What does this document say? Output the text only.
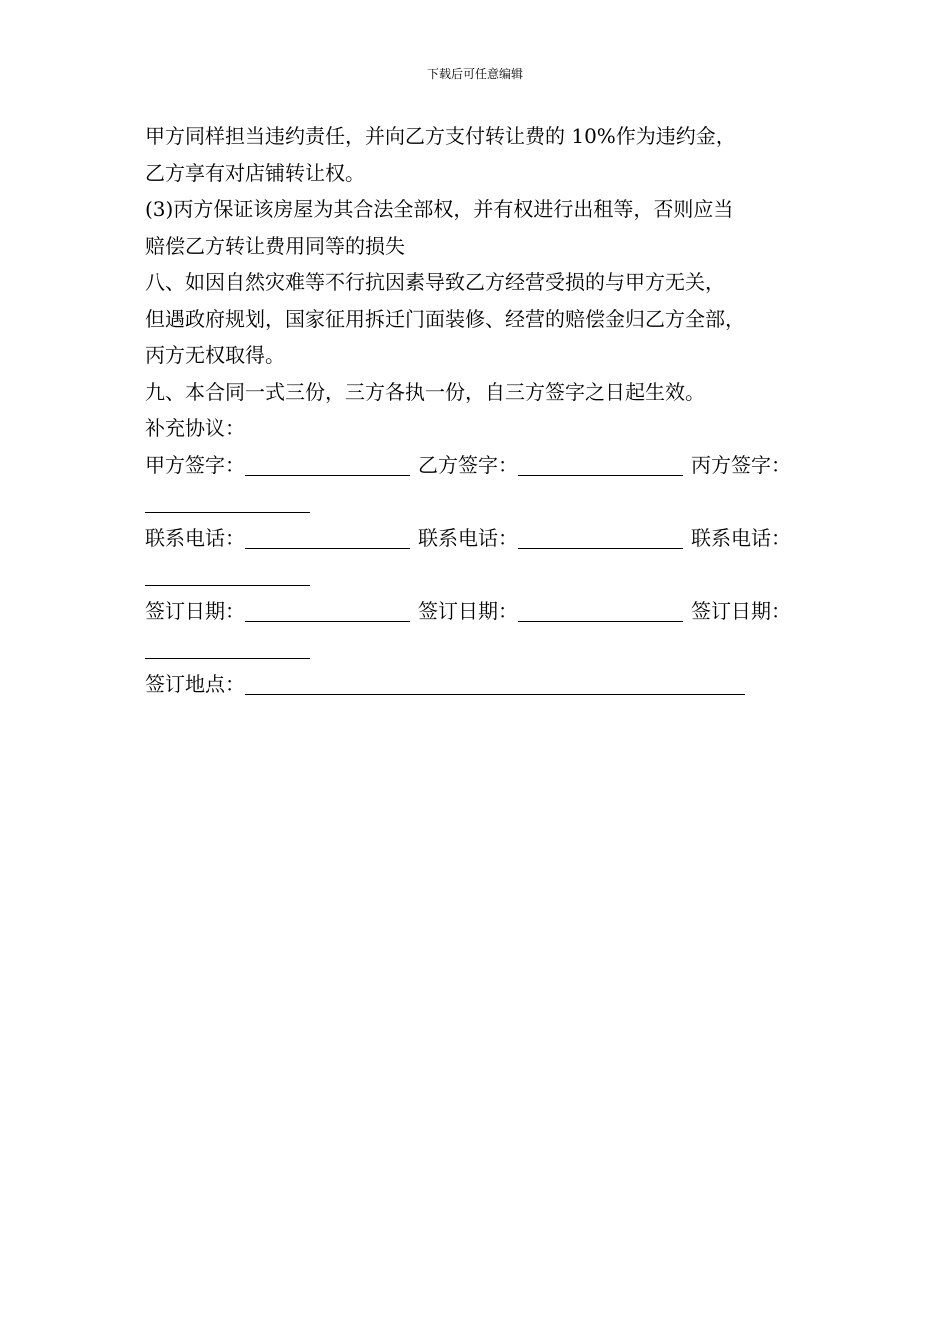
下载后可任意编辑
甲方同样担当违约责任，并向乙方支付转让费的 10%作为违约金，
乙方享有对店铺转让权。
(3)丙方保证该房屋为其合法全部权，并有权进行出租等，否则应当
赔偿乙方转让费用同等的损失
八、如因自然灾难等不行抗因素导致乙方经营受损的与甲方无关，
但遇政府规划，国家征用拆迁门面装修、经营的赔偿金归乙方全部，
丙方无权取得。
九、本合同一式三份，三方各执一份，自三方签字之日起生效。
补充协议：
甲方签字：	乙方签字：	丙方签字：
联系电话：	联系电话：	联系电话：
签订日期：	签订日期：	签订日期：
签订地点：
